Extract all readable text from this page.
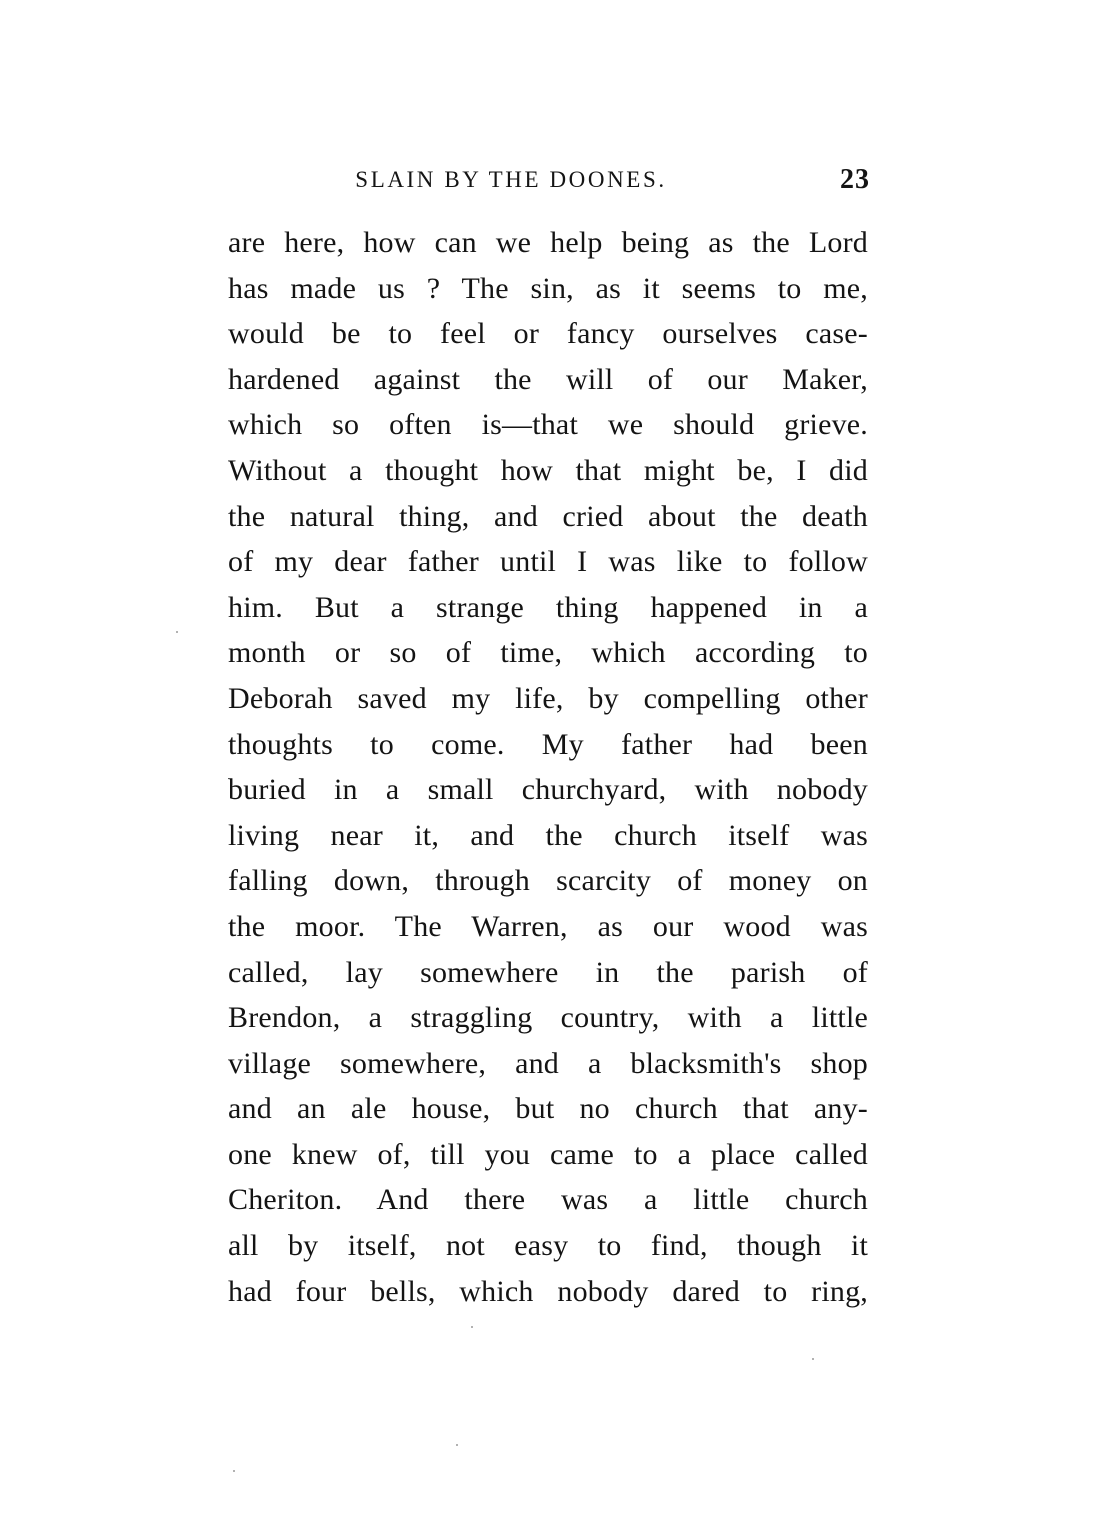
SLAIN BY THE DOONES.	23
are here, how can we help being as the Lord
has made us ? The sin, as it seems to me,
would be to feel or fancy ourselves case-
hardened against the will of our Maker,
which so often is—that we should grieve.
Without a thought how that might be, I did
the natural thing, and cried about the death
of my dear father until I was like to follow
him. But a strange thing happened in a
month or so of time, which according to
Deborah saved my life, by compelling other
thoughts to come. My father had been
buried in a small churchyard, with nobody
living near it, and the church itself was
falling down, through scarcity of money on
the moor. The Warren, as our wood was
called, lay somewhere in the parish of
Brendon, a straggling country, with a little
village somewhere, and a blacksmith's shop
and an ale house, but no church that any-
one knew of, till you came to a place called
Cheriton. And there was a little church
all by itself, not easy to find, though it
had four bells, which nobody dared to ring,
